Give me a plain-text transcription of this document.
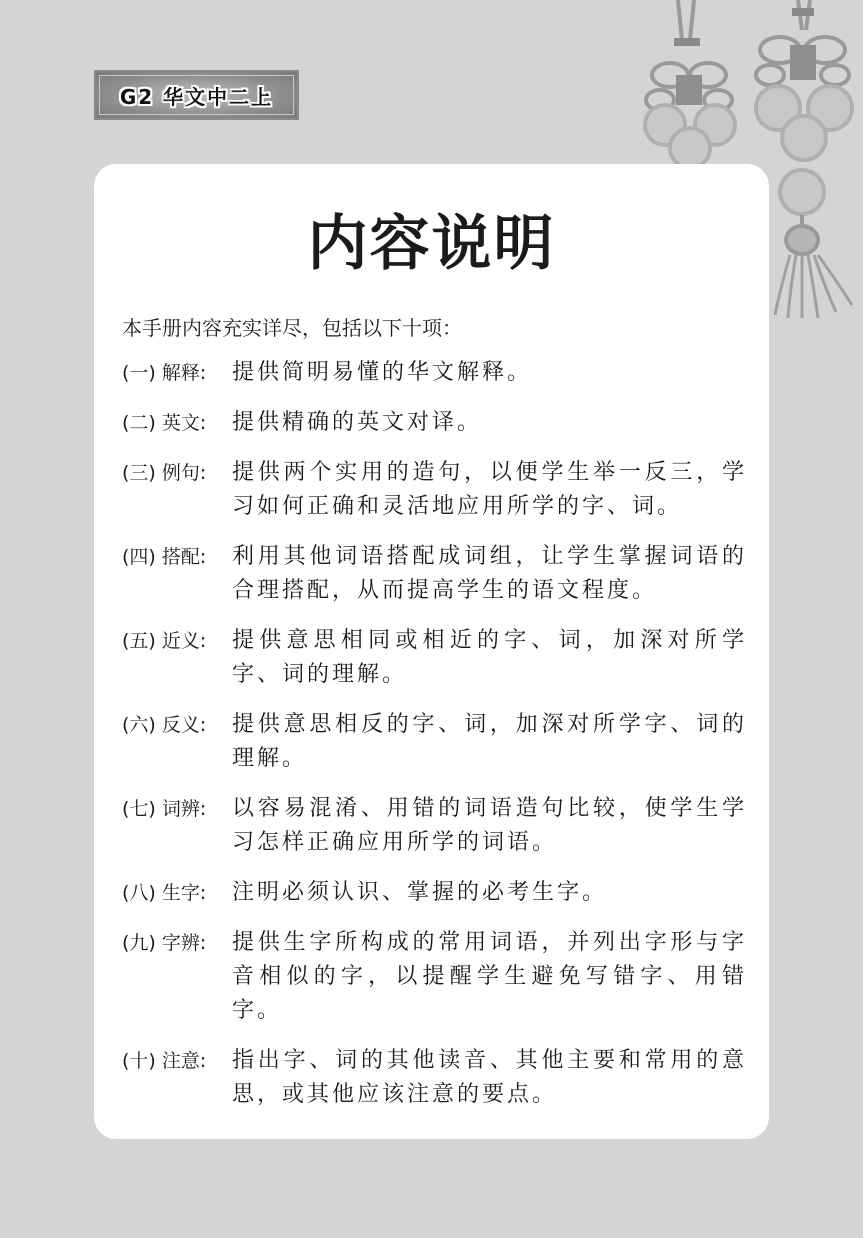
G2 华文中二上
内容说明
本手册内容充实详尽，包括以下十项：
(一) 解释:	提供简明易懂的华文解释。
(二) 英文:	提供精确的英文对译。
(三) 例句:	提供两个实用的造句，以便学生举一反三，学习如何正确和灵活地应用所学的字、词。
(四) 搭配:	利用其他词语搭配成词组，让学生掌握词语的合理搭配，从而提高学生的语文程度。
(五) 近义:	提供意思相同或相近的字、词，加深对所学字、词的理解。
(六) 反义:	提供意思相反的字、词，加深对所学字、词的理解。
(七) 词辨:	以容易混淆、用错的词语造句比较，使学生学习怎样正确应用所学的词语。
(八) 生字:	注明必须认识、掌握的必考生字。
(九) 字辨:	提供生字所构成的常用词语，并列出字形与字音相似的字，以提醒学生避免写错字、用错字。
(十) 注意:	指出字、词的其他读音、其他主要和常用的意思，或其他应该注意的要点。
